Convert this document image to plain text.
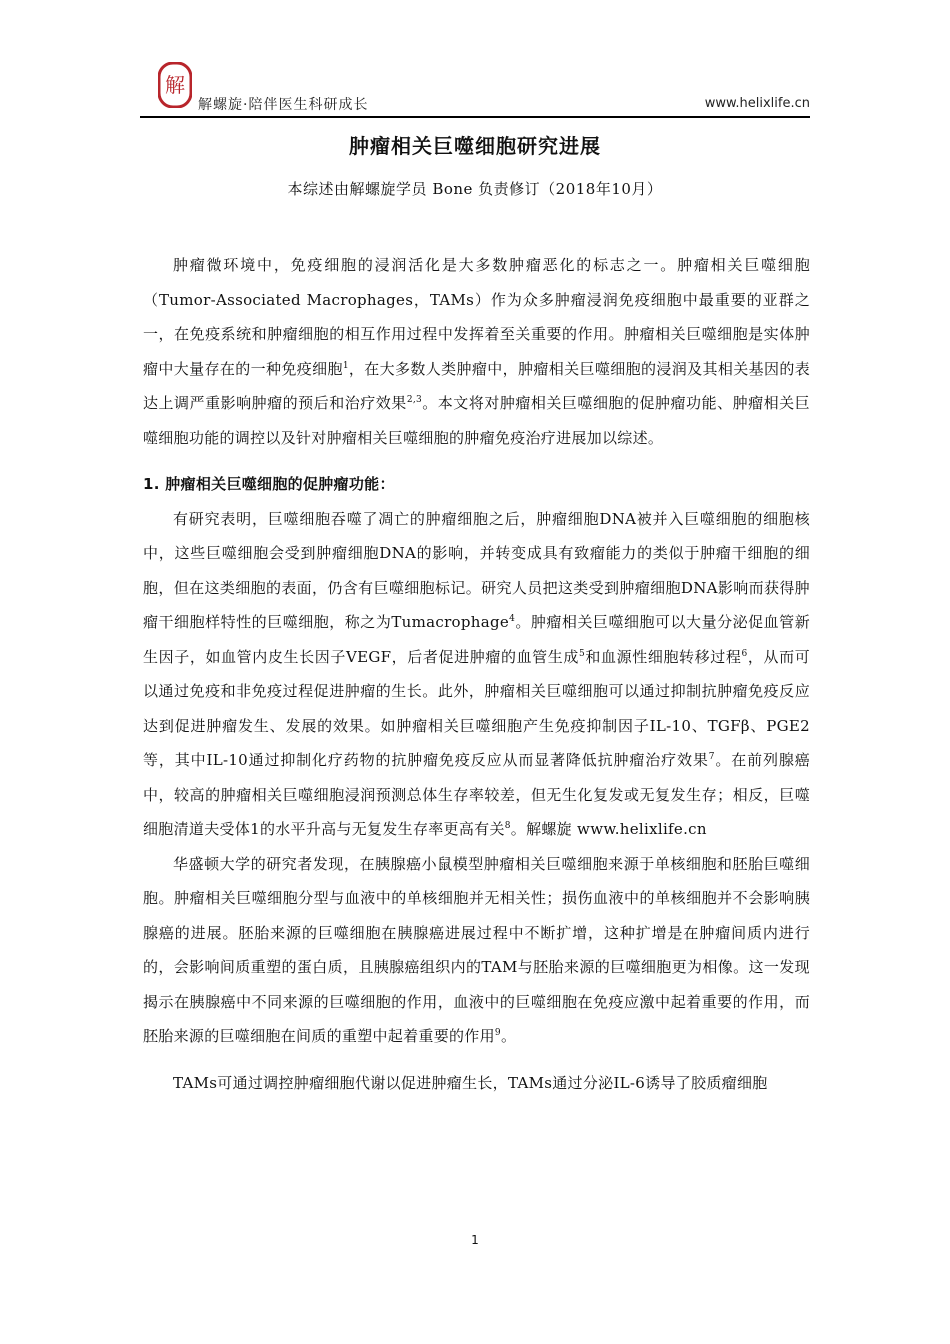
解
解螺旋·陪伴医生科研成长	www.helixlife.cn
肿瘤相关巨噬细胞研究进展
本综述由解螺旋学员 Bone 负责修订（2018年10月）

肿瘤微环境中，免疫细胞的浸润活化是大多数肿瘤恶化的标志之一。肿瘤相关巨噬细胞（Tumor-Associated Macrophages，TAMs）作为众多肿瘤浸润免疫细胞中最重要的亚群之一，在免疫系统和肿瘤细胞的相互作用过程中发挥着至关重要的作用。肿瘤相关巨噬细胞是实体肿瘤中大量存在的一种免疫细胞$^1$，在大多数人类肿瘤中，肿瘤相关巨噬细胞的浸润及其相关基因的表达上调严重影响肿瘤的预后和治疗效果$^{2,3}$。本文将对肿瘤相关巨噬细胞的促肿瘤功能、肿瘤相关巨噬细胞功能的调控以及针对肿瘤相关巨噬细胞的肿瘤免疫治疗进展加以综述。

1. 肿瘤相关巨噬细胞的促肿瘤功能：

有研究表明，巨噬细胞吞噬了凋亡的肿瘤细胞之后，肿瘤细胞DNA被并入巨噬细胞的细胞核中，这些巨噬细胞会受到肿瘤细胞DNA的影响，并转变成具有致瘤能力的类似于肿瘤干细胞的细胞，但在这类细胞的表面，仍含有巨噬细胞标记。研究人员把这类受到肿瘤细胞DNA影响而获得肿瘤干细胞样特性的巨噬细胞，称之为Tumacrophage$^4$。肿瘤相关巨噬细胞可以大量分泌促血管新生因子，如血管内皮生长因子VEGF，后者促进肿瘤的血管生成$^5$和血源性细胞转移过程$^6$，从而可以通过免疫和非免疫过程促进肿瘤的生长。此外，肿瘤相关巨噬细胞可以通过抑制抗肿瘤免疫反应达到促进肿瘤发生、发展的效果。如肿瘤相关巨噬细胞产生免疫抑制因子IL-10、TGFβ、PGE2等，其中IL-10通过抑制化疗药物的抗肿瘤免疫反应从而显著降低抗肿瘤治疗效果$^7$。在前列腺癌中，较高的肿瘤相关巨噬细胞浸润预测总体生存率较差，但无生化复发或无复发生存；相反，巨噬细胞清道夫受体1的水平升高与无复发生存率更高有关$^8$。解螺旋 www.helixlife.cn

华盛顿大学的研究者发现，在胰腺癌小鼠模型肿瘤相关巨噬细胞来源于单核细胞和胚胎巨噬细胞。肿瘤相关巨噬细胞分型与血液中的单核细胞并无相关性；损伤血液中的单核细胞并不会影响胰腺癌的进展。胚胎来源的巨噬细胞在胰腺癌进展过程中不断扩增，这种扩增是在肿瘤间质内进行的，会影响间质重塑的蛋白质，且胰腺癌组织内的TAM与胚胎来源的巨噬细胞更为相像。这一发现揭示在胰腺癌中不同来源的巨噬细胞的作用，血液中的巨噬细胞在免疫应激中起着重要的作用，而胚胎来源的巨噬细胞在间质的重塑中起着重要的作用$^9$。

TAMs可通过调控肿瘤细胞代谢以促进肿瘤生长，TAMs通过分泌IL-6诱导了胶质瘤细胞

1
